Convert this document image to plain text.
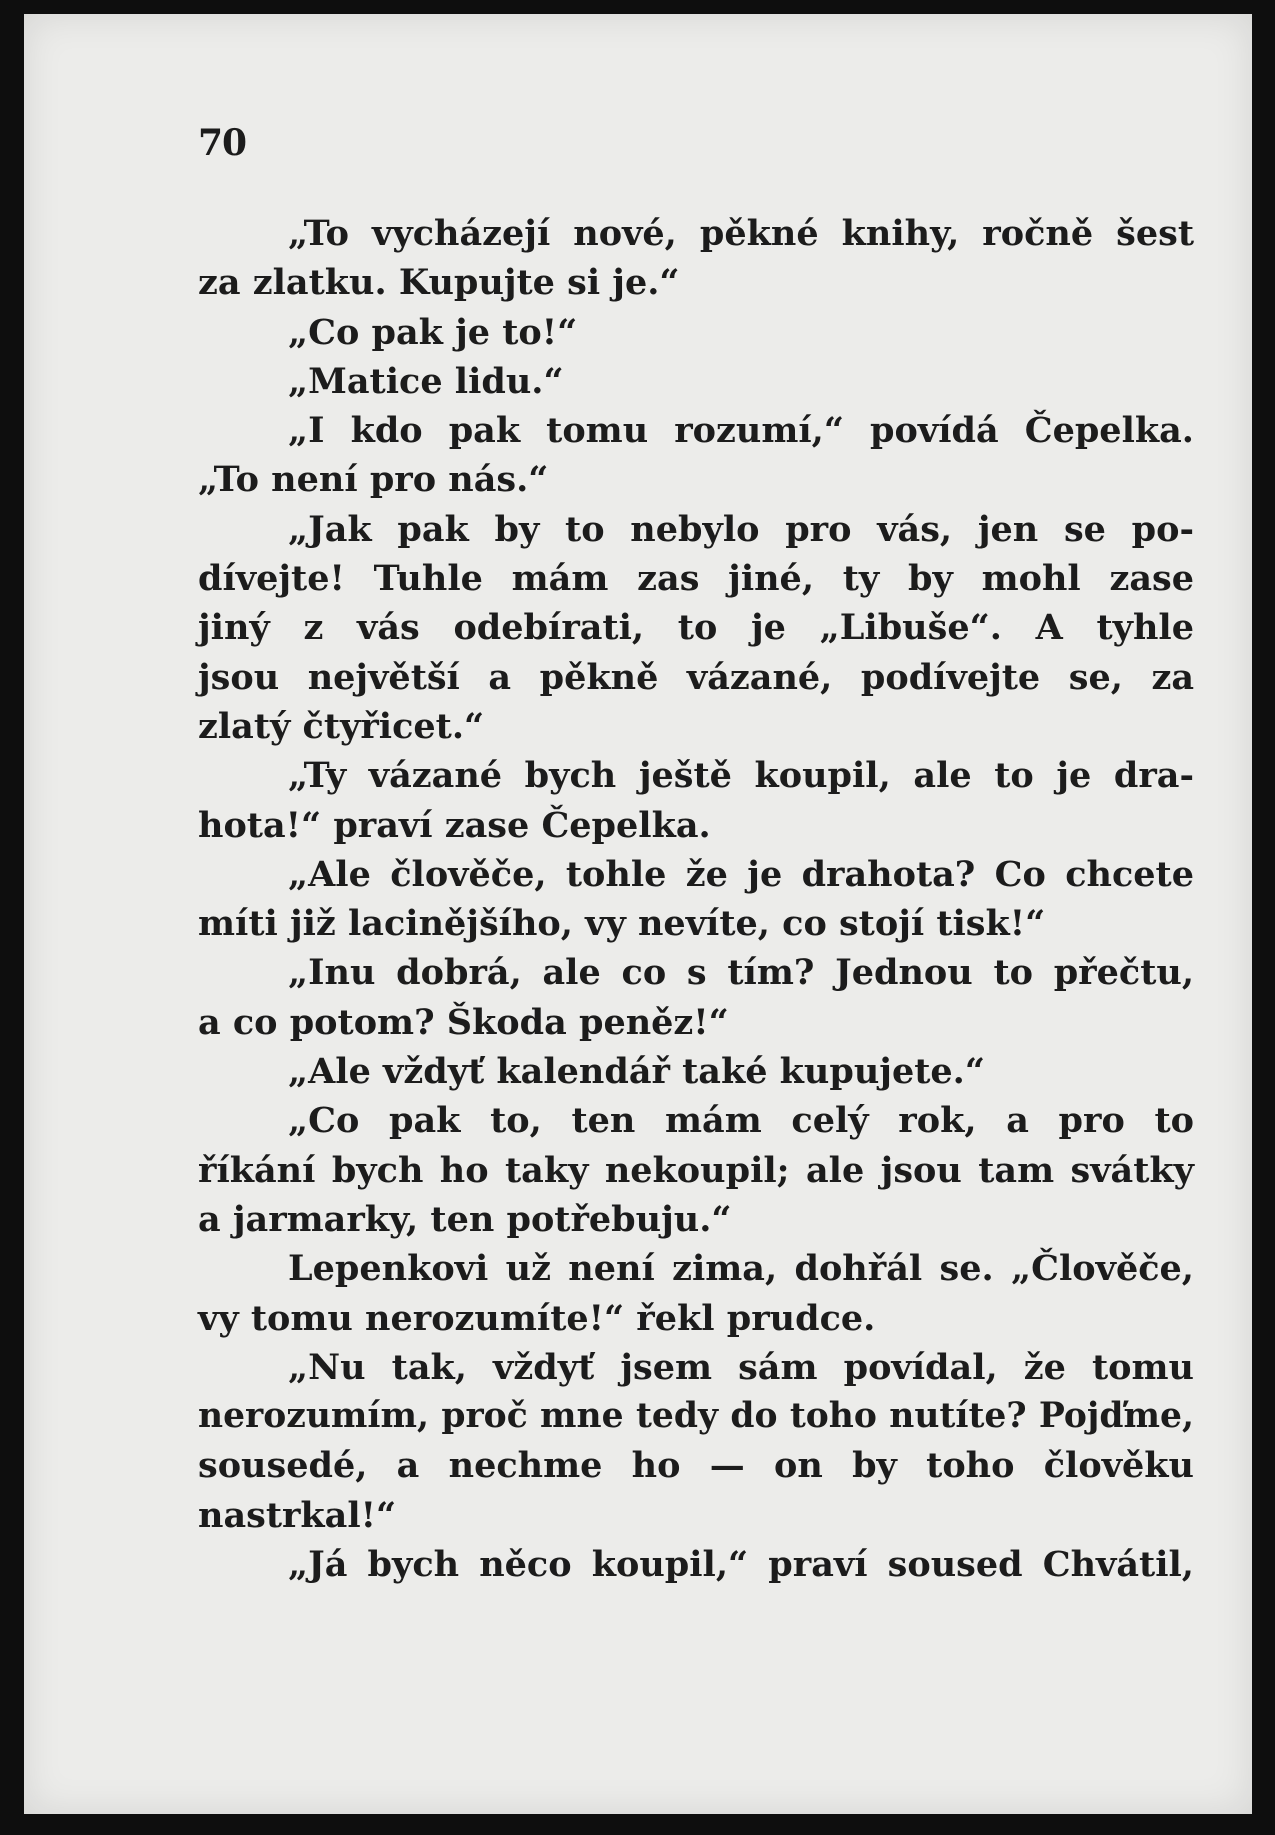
70
„To vycházejí nové, pěkné knihy, ročně šest
za zlatku. Kupujte si je.“
„Co pak je to!“
„Matice lidu.“
„I kdo pak tomu rozumí,“ povídá Čepelka.
„To není pro nás.“
„Jak pak by to nebylo pro vás, jen se po-
dívejte! Tuhle mám zas jiné, ty by mohl zase
jiný z vás odebírati, to je „Libuše“. A tyhle
jsou největší a pěkně vázané, podívejte se, za
zlatý čtyřicet.“
„Ty vázané bych ještě koupil, ale to je dra-
hota!“ praví zase Čepelka.
„Ale člověče, tohle že je drahota? Co chcete
míti již lacinějšího, vy nevíte, co stojí tisk!“
„Inu dobrá, ale co s tím? Jednou to přečtu,
a co potom? Škoda peněz!“
„Ale vždyť kalendář také kupujete.“
„Co pak to, ten mám celý rok, a pro to
říkání bych ho taky nekoupil; ale jsou tam svátky
a jarmarky, ten potřebuju.“
Lepenkovi už není zima, dohřál se. „Člověče,
vy tomu nerozumíte!“ řekl prudce.
„Nu tak, vždyť jsem sám povídal, že tomu
nerozumím, proč mne tedy do toho nutíte? Pojďme,
sousedé, a nechme ho — on by toho člověku
nastrkal!“
„Já bych něco koupil,“ praví soused Chvátil,
